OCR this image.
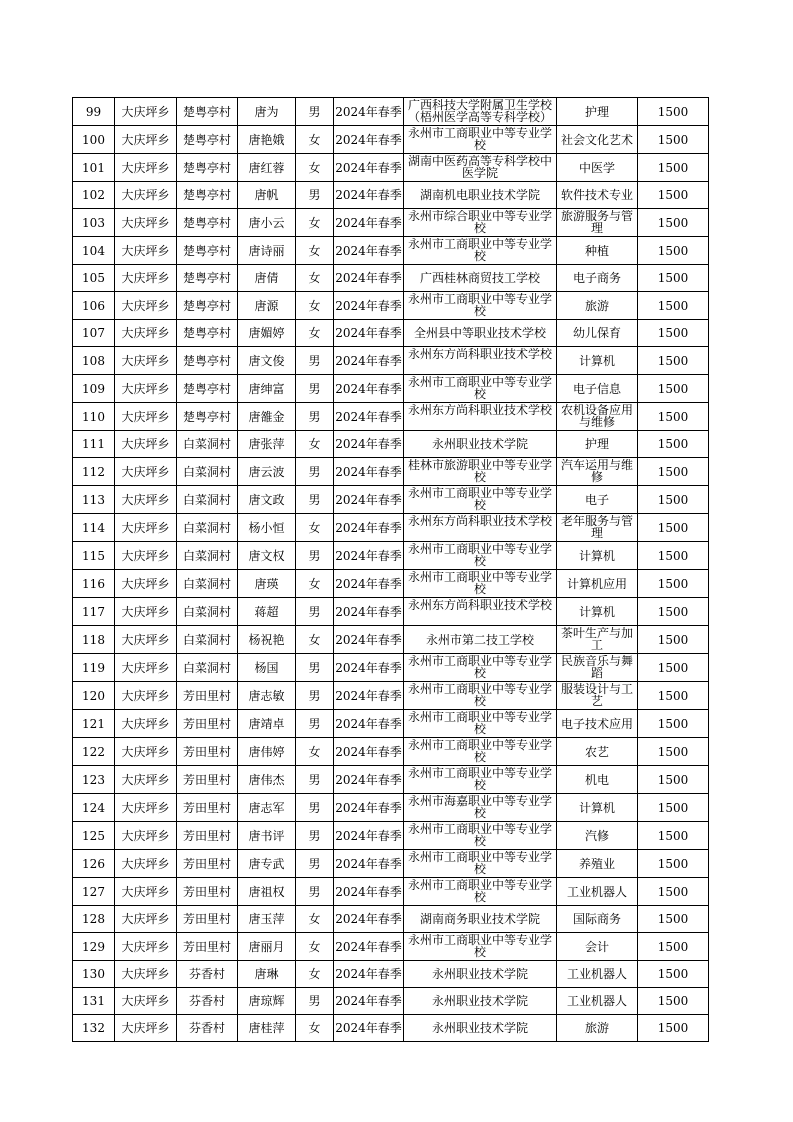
99	大庆坪乡	楚粤亭村	唐为	男	2024年春季	广西科技大学附属卫生学校（梧州医学高等专科学校）	护理	1500
100	大庆坪乡	楚粤亭村	唐艳娥	女	2024年春季	永州市工商职业中等专业学校	社会文化艺术	1500
101	大庆坪乡	楚粤亭村	唐红蓉	女	2024年春季	湖南中医药高等专科学校中医学院	中医学	1500
102	大庆坪乡	楚粤亭村	唐帆	男	2024年春季	湖南机电职业技术学院	软件技术专业	1500
103	大庆坪乡	楚粤亭村	唐小云	女	2024年春季	永州市综合职业中等专业学校	旅游服务与管理	1500
104	大庆坪乡	楚粤亭村	唐诗丽	女	2024年春季	永州市工商职业中等专业学校	种植	1500
105	大庆坪乡	楚粤亭村	唐倩	女	2024年春季	广西桂林商贸技工学校	电子商务	1500
106	大庆坪乡	楚粤亭村	唐源	女	2024年春季	永州市工商职业中等专业学校	旅游	1500
107	大庆坪乡	楚粤亭村	唐媚婷	女	2024年春季	全州县中等职业技术学校	幼儿保育	1500
108	大庆坪乡	楚粤亭村	唐文俊	男	2024年春季	永州东方尚科职业技术学校	计算机	1500
109	大庆坪乡	楚粤亭村	唐绅富	男	2024年春季	永州市工商职业中等专业学校	电子信息	1500
110	大庆坪乡	楚粤亭村	唐雒金	男	2024年春季	永州东方尚科职业技术学校	农机设备应用与维修	1500
111	大庆坪乡	白菜洞村	唐张萍	女	2024年春季	永州职业技术学院	护理	1500
112	大庆坪乡	白菜洞村	唐云波	男	2024年春季	桂林市旅游职业中等专业学校	汽车运用与维修	1500
113	大庆坪乡	白菜洞村	唐文政	男	2024年春季	永州市工商职业中等专业学校	电子	1500
114	大庆坪乡	白菜洞村	杨小恒	女	2024年春季	永州东方尚科职业技术学校	老年服务与管理	1500
115	大庆坪乡	白菜洞村	唐文权	男	2024年春季	永州市工商职业中等专业学校	计算机	1500
116	大庆坪乡	白菜洞村	唐瑛	女	2024年春季	永州市工商职业中等专业学校	计算机应用	1500
117	大庆坪乡	白菜洞村	蒋超	男	2024年春季	永州东方尚科职业技术学校	计算机	1500
118	大庆坪乡	白菜洞村	杨祝艳	女	2024年春季	永州市第二技工学校	茶叶生产与加工	1500
119	大庆坪乡	白菜洞村	杨国	男	2024年春季	永州市工商职业中等专业学校	民族音乐与舞蹈	1500
120	大庆坪乡	芳田里村	唐志敏	男	2024年春季	永州市工商职业中等专业学校	服装设计与工艺	1500
121	大庆坪乡	芳田里村	唐靖卓	男	2024年春季	永州市工商职业中等专业学校	电子技术应用	1500
122	大庆坪乡	芳田里村	唐伟婷	女	2024年春季	永州市工商职业中等专业学校	农艺	1500
123	大庆坪乡	芳田里村	唐伟杰	男	2024年春季	永州市工商职业中等专业学校	机电	1500
124	大庆坪乡	芳田里村	唐志军	男	2024年春季	永州市海嘉职业中等专业学校	计算机	1500
125	大庆坪乡	芳田里村	唐书评	男	2024年春季	永州市工商职业中等专业学校	汽修	1500
126	大庆坪乡	芳田里村	唐专武	男	2024年春季	永州市工商职业中等专业学校	养殖业	1500
127	大庆坪乡	芳田里村	唐祖权	男	2024年春季	永州市工商职业中等专业学校	工业机器人	1500
128	大庆坪乡	芳田里村	唐玉萍	女	2024年春季	湖南商务职业技术学院	国际商务	1500
129	大庆坪乡	芳田里村	唐丽月	女	2024年春季	永州市工商职业中等专业学校	会计	1500
130	大庆坪乡	芬香村	唐琳	女	2024年春季	永州职业技术学院	工业机器人	1500
131	大庆坪乡	芬香村	唐琼辉	男	2024年春季	永州职业技术学院	工业机器人	1500
132	大庆坪乡	芬香村	唐桂萍	女	2024年春季	永州职业技术学院	旅游	1500
